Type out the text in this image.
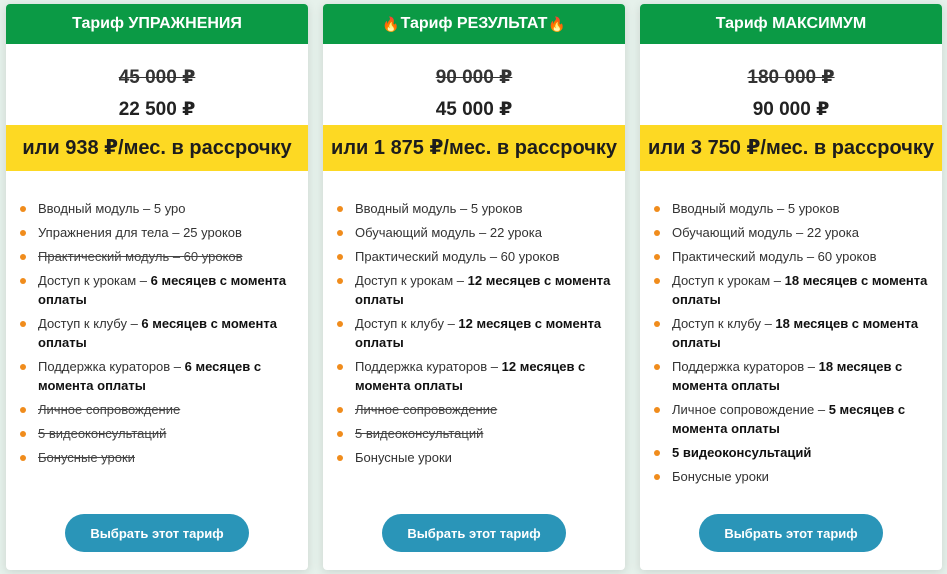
Тариф УПРАЖНЕНИЯ
45 000 ₽
22 500 ₽
или 938 ₽/мес. в рассрочку
Вводный модуль – 5 уро
Упражнения для тела – 25 уроков
Практический модуль – 60 уроков
Доступ к урокам – 6 месяцев с момента оплаты
Доступ к клубу – 6 месяцев с момента оплаты
Поддержка кураторов – 6 месяцев с момента оплаты
Личное сопровождение
5 видеоконсультаций
Бонусные уроки
Выбрать этот тариф
🔥 Тариф РЕЗУЛЬТАТ 🔥
90 000 ₽
45 000 ₽
или 1 875 ₽/мес. в рассрочку
Вводный модуль – 5 уроков
Обучающий модуль – 22 урока
Практический модуль – 60 уроков
Доступ к урокам – 12 месяцев с момента оплаты
Доступ к клубу – 12 месяцев с момента оплаты
Поддержка кураторов – 12 месяцев с момента оплаты
Личное сопровождение
5 видеоконсультаций
Бонусные уроки
Выбрать этот тариф
Тариф МАКСИМУМ
180 000 ₽
90 000 ₽
или 3 750 ₽/мес. в рассрочку
Вводный модуль – 5 уроков
Обучающий модуль – 22 урока
Практический модуль – 60 уроков
Доступ к урокам – 18 месяцев с момента оплаты
Доступ к клубу – 18 месяцев с момента оплаты
Поддержка кураторов – 18 месяцев с момента оплаты
Личное сопровождение – 5 месяцев с момента оплаты
5 видеоконсультаций
Бонусные уроки
Выбрать этот тариф
